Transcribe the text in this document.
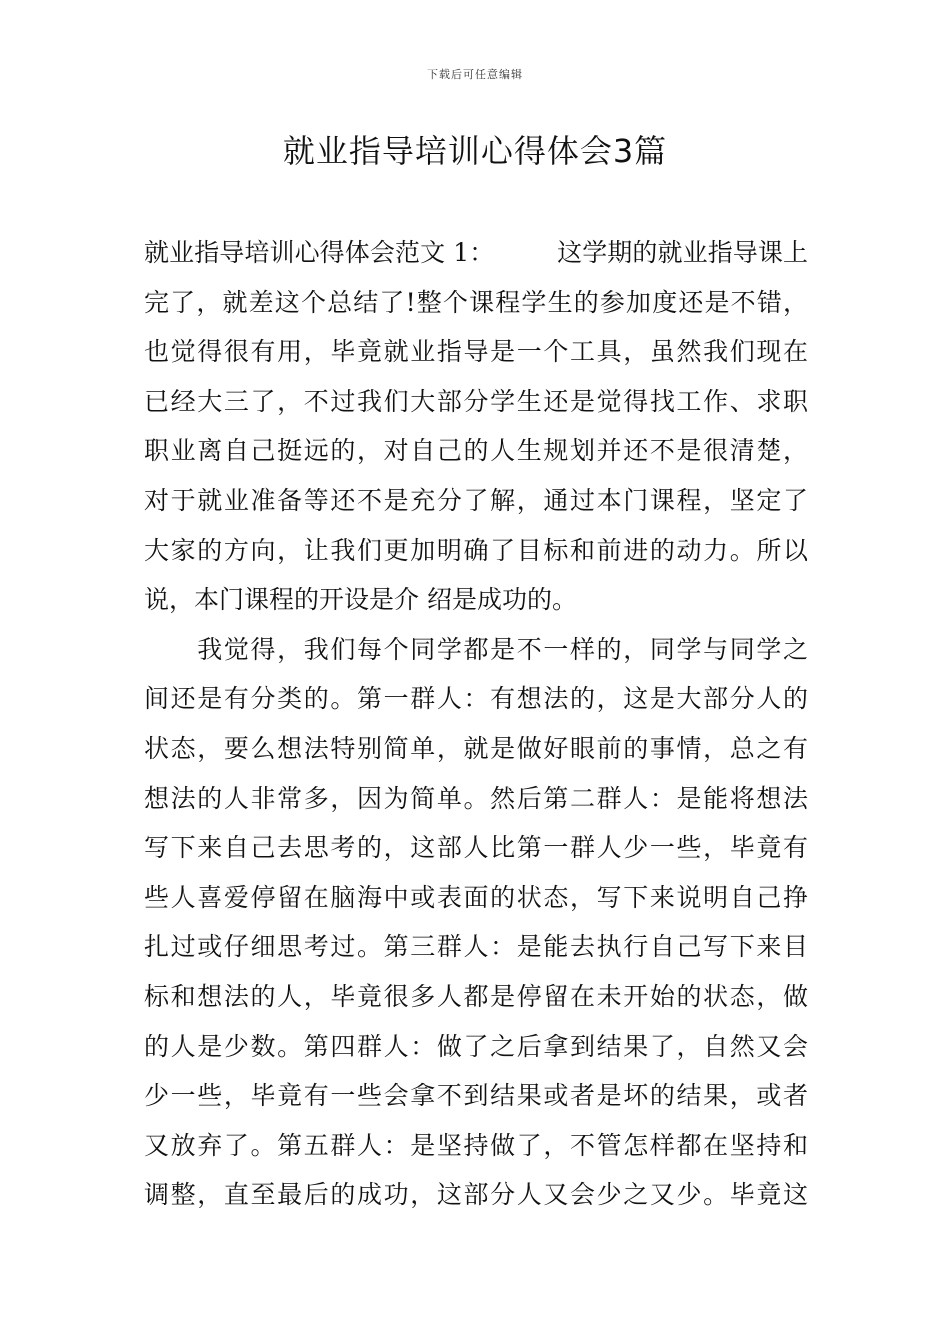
下载后可任意编辑
就业指导培训心得体会3篇
就业指导培训心得体会范文 1：　　　这学期的就业指导课上
完了，就差这个总结了!整个课程学生的参加度还是不错，
也觉得很有用，毕竟就业指导是一个工具，虽然我们现在
已经大三了，不过我们大部分学生还是觉得找工作、求职
职业离自己挺远的，对自己的人生规划并还不是很清楚，
对于就业准备等还不是充分了解，通过本门课程，坚定了
大家的方向，让我们更加明确了目标和前进的动力。所以
说，本门课程的开设是介 绍是成功的。
　　我觉得，我们每个同学都是不一样的，同学与同学之
间还是有分类的。第一群人：有想法的，这是大部分人的
状态，要么想法特别简单，就是做好眼前的事情，总之有
想法的人非常多，因为简单。然后第二群人：是能将想法
写下来自己去思考的，这部人比第一群人少一些，毕竟有
些人喜爱停留在脑海中或表面的状态，写下来说明自己挣
扎过或仔细思考过。第三群人：是能去执行自己写下来目
标和想法的人，毕竟很多人都是停留在未开始的状态，做
的人是少数。第四群人：做了之后拿到结果了，自然又会
少一些，毕竟有一些会拿不到结果或者是坏的结果，或者
又放弃了。第五群人：是坚持做了，不管怎样都在坚持和
调整，直至最后的成功，这部分人又会少之又少。毕竟这
